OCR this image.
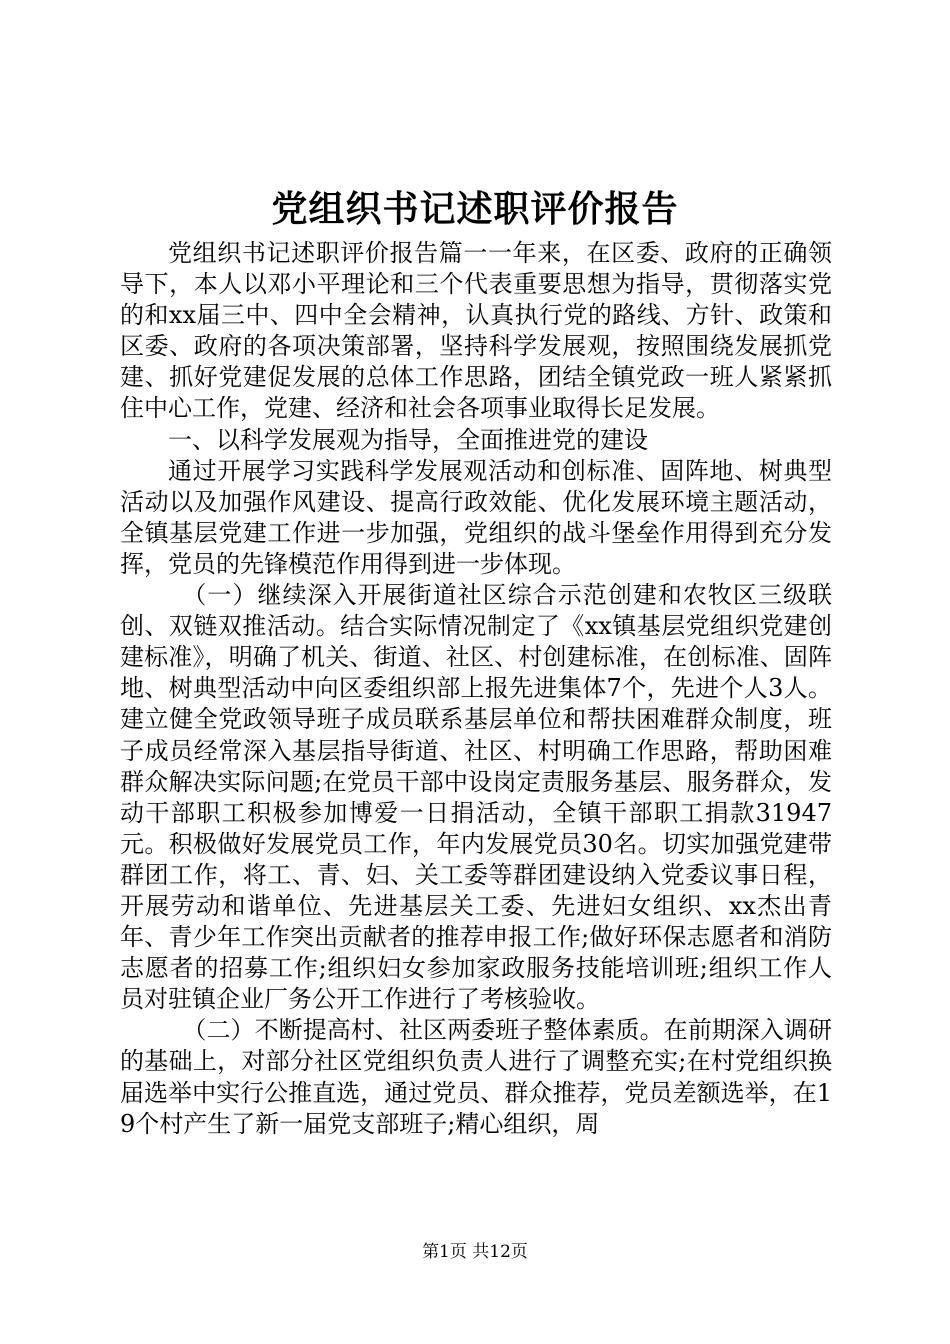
党组织书记述职评价报告

党组织书记述职评价报告篇一一年来，在区委、政府的正确领导下，本人以邓小平理论和三个代表重要思想为指导，贯彻落实党的和xx届三中、四中全会精神，认真执行党的路线、方针、政策和区委、政府的各项决策部署，坚持科学发展观，按照围绕发展抓党建、抓好党建促发展的总体工作思路，团结全镇党政一班人紧紧抓住中心工作，党建、经济和社会各项事业取得长足发展。

一、以科学发展观为指导，全面推进党的建设

通过开展学习实践科学发展观活动和创标准、固阵地、树典型活动以及加强作风建设、提高行政效能、优化发展环境主题活动，全镇基层党建工作进一步加强，党组织的战斗堡垒作用得到充分发挥，党员的先锋模范作用得到进一步体现。

（一）继续深入开展街道社区综合示范创建和农牧区三级联创、双链双推活动。结合实际情况制定了《xx镇基层党组织党建创建标准》，明确了机关、街道、社区、村创建标准，在创标准、固阵地、树典型活动中向区委组织部上报先进集体7个，先进个人3人。建立健全党政领导班子成员联系基层单位和帮扶困难群众制度，班子成员经常深入基层指导街道、社区、村明确工作思路，帮助困难群众解决实际问题;在党员干部中设岗定责服务基层、服务群众，发动干部职工积极参加博爱一日捐活动，全镇干部职工捐款31947元。积极做好发展党员工作，年内发展党员30名。切实加强党建带群团工作，将工、青、妇、关工委等群团建设纳入党委议事日程，开展劳动和谐单位、先进基层关工委、先进妇女组织、xx杰出青年、青少年工作突出贡献者的推荐申报工作;做好环保志愿者和消防志愿者的招募工作;组织妇女参加家政服务技能培训班;组织工作人员对驻镇企业厂务公开工作进行了考核验收。

（二）不断提高村、社区两委班子整体素质。在前期深入调研的基础上，对部分社区党组织负责人进行了调整充实;在村党组织换届选举中实行公推直选，通过党员、群众推荐，党员差额选举，在19个村产生了新一届党支部班子;精心组织，周

第1页 共12页
